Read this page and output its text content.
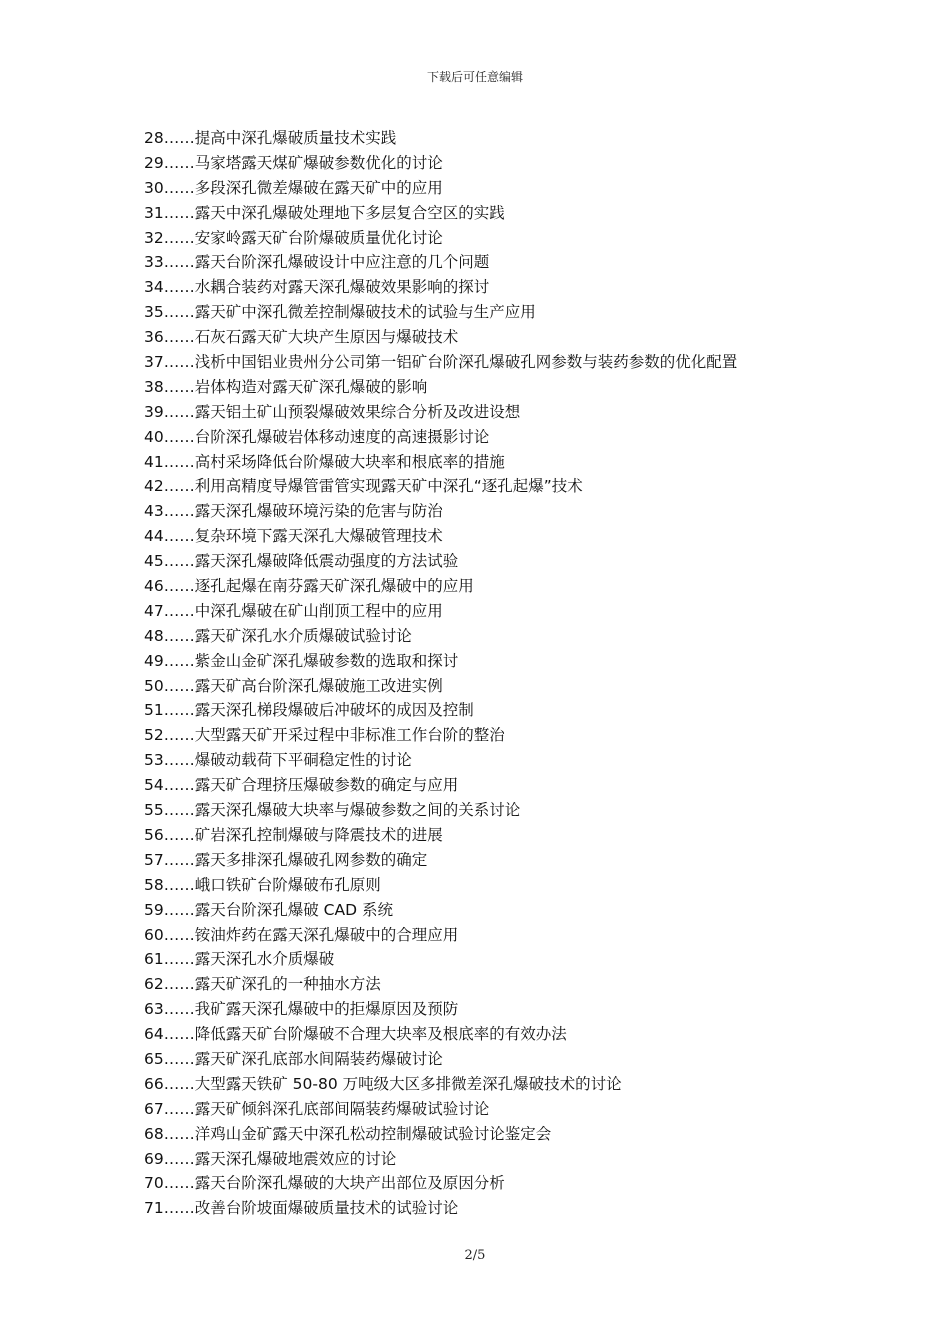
下载后可任意编辑
28……提高中深孔爆破质量技术实践
29……马家塔露天煤矿爆破参数优化的讨论
30……多段深孔微差爆破在露天矿中的应用
31……露天中深孔爆破处理地下多层复合空区的实践
32……安家岭露天矿台阶爆破质量优化讨论
33……露天台阶深孔爆破设计中应注意的几个问题
34……水耦合装药对露天深孔爆破效果影响的探讨
35……露天矿中深孔微差控制爆破技术的试验与生产应用
36……石灰石露天矿大块产生原因与爆破技术
37……浅析中国铝业贵州分公司第一铝矿台阶深孔爆破孔网参数与装药参数的优化配置
38……岩体构造对露天矿深孔爆破的影响
39……露天铝土矿山预裂爆破效果综合分析及改进设想
40……台阶深孔爆破岩体移动速度的高速摄影讨论
41……高村采场降低台阶爆破大块率和根底率的措施
42……利用高精度导爆管雷管实现露天矿中深孔“逐孔起爆”技术
43……露天深孔爆破环境污染的危害与防治
44……复杂环境下露天深孔大爆破管理技术
45……露天深孔爆破降低震动强度的方法试验
46……逐孔起爆在南芬露天矿深孔爆破中的应用
47……中深孔爆破在矿山削顶工程中的应用
48……露天矿深孔水介质爆破试验讨论
49……紫金山金矿深孔爆破参数的选取和探讨
50……露天矿高台阶深孔爆破施工改进实例
51……露天深孔梯段爆破后冲破坏的成因及控制
52……大型露天矿开采过程中非标准工作台阶的整治
53……爆破动载荷下平硐稳定性的讨论
54……露天矿合理挤压爆破参数的确定与应用
55……露天深孔爆破大块率与爆破参数之间的关系讨论
56……矿岩深孔控制爆破与降震技术的进展
57……露天多排深孔爆破孔网参数的确定
58……峨口铁矿台阶爆破布孔原则
59……露天台阶深孔爆破 CAD 系统
60……铵油炸药在露天深孔爆破中的合理应用
61……露天深孔水介质爆破
62……露天矿深孔的一种抽水方法
63……我矿露天深孔爆破中的拒爆原因及预防
64……降低露天矿台阶爆破不合理大块率及根底率的有效办法
65……露天矿深孔底部水间隔装药爆破讨论
66……大型露天铁矿 50-80 万吨级大区多排微差深孔爆破技术的讨论
67……露天矿倾斜深孔底部间隔装药爆破试验讨论
68……洋鸡山金矿露天中深孔松动控制爆破试验讨论鉴定会
69……露天深孔爆破地震效应的讨论
70……露天台阶深孔爆破的大块产出部位及原因分析
71……改善台阶坡面爆破质量技术的试验讨论
2/5
